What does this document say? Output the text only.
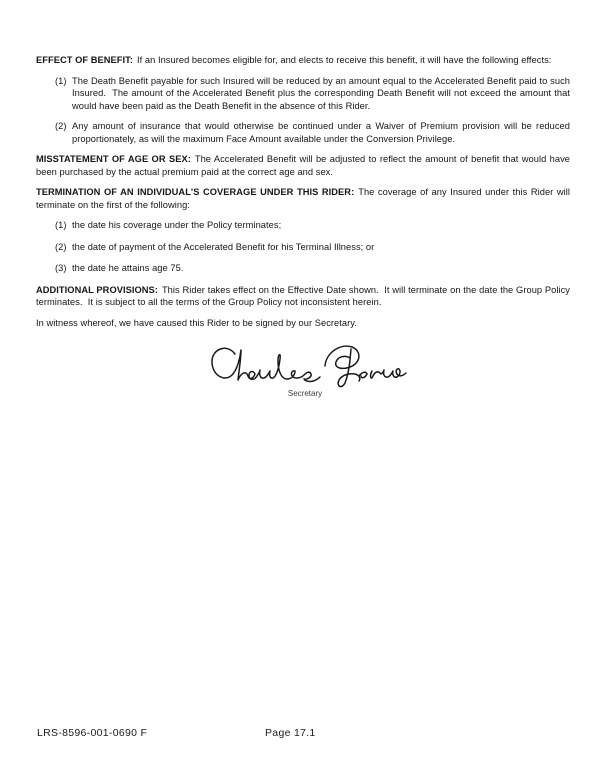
EFFECT OF BENEFIT: If an Insured becomes eligible for, and elects to receive this benefit, it will have the following effects:

(1) The Death Benefit payable for such Insured will be reduced by an amount equal to the Accelerated Benefit paid to such Insured.  The amount of the Accelerated Benefit plus the corresponding Death Benefit will not exceed the amount that would have been paid as the Death Benefit in the absence of this Rider.
(2) Any amount of insurance that would otherwise be continued under a Waiver of Premium provision will be reduced proportionately, as will the maximum Face Amount available under the Conversion Privilege.

MISSTATEMENT OF AGE OR SEX: The Accelerated Benefit will be adjusted to reflect the amount of benefit that would have been purchased by the actual premium paid at the correct age and sex.

TERMINATION OF AN INDIVIDUAL'S COVERAGE UNDER THIS RIDER: The coverage of any Insured under this Rider will terminate on the first of the following:

(1) the date his coverage under the Policy terminates;
(2) the date of payment of the Accelerated Benefit for his Terminal Illness; or
(3) the date he attains age 75.

ADDITIONAL PROVISIONS: This Rider takes effect on the Effective Date shown.  It will terminate on the date the Group Policy terminates.  It is subject to all the terms of the Group Policy not inconsistent herein.

In witness whereof, we have caused this Rider to be signed by our Secretary.

Secretary
LRS-8596-001-0690 F	Page 17.1
